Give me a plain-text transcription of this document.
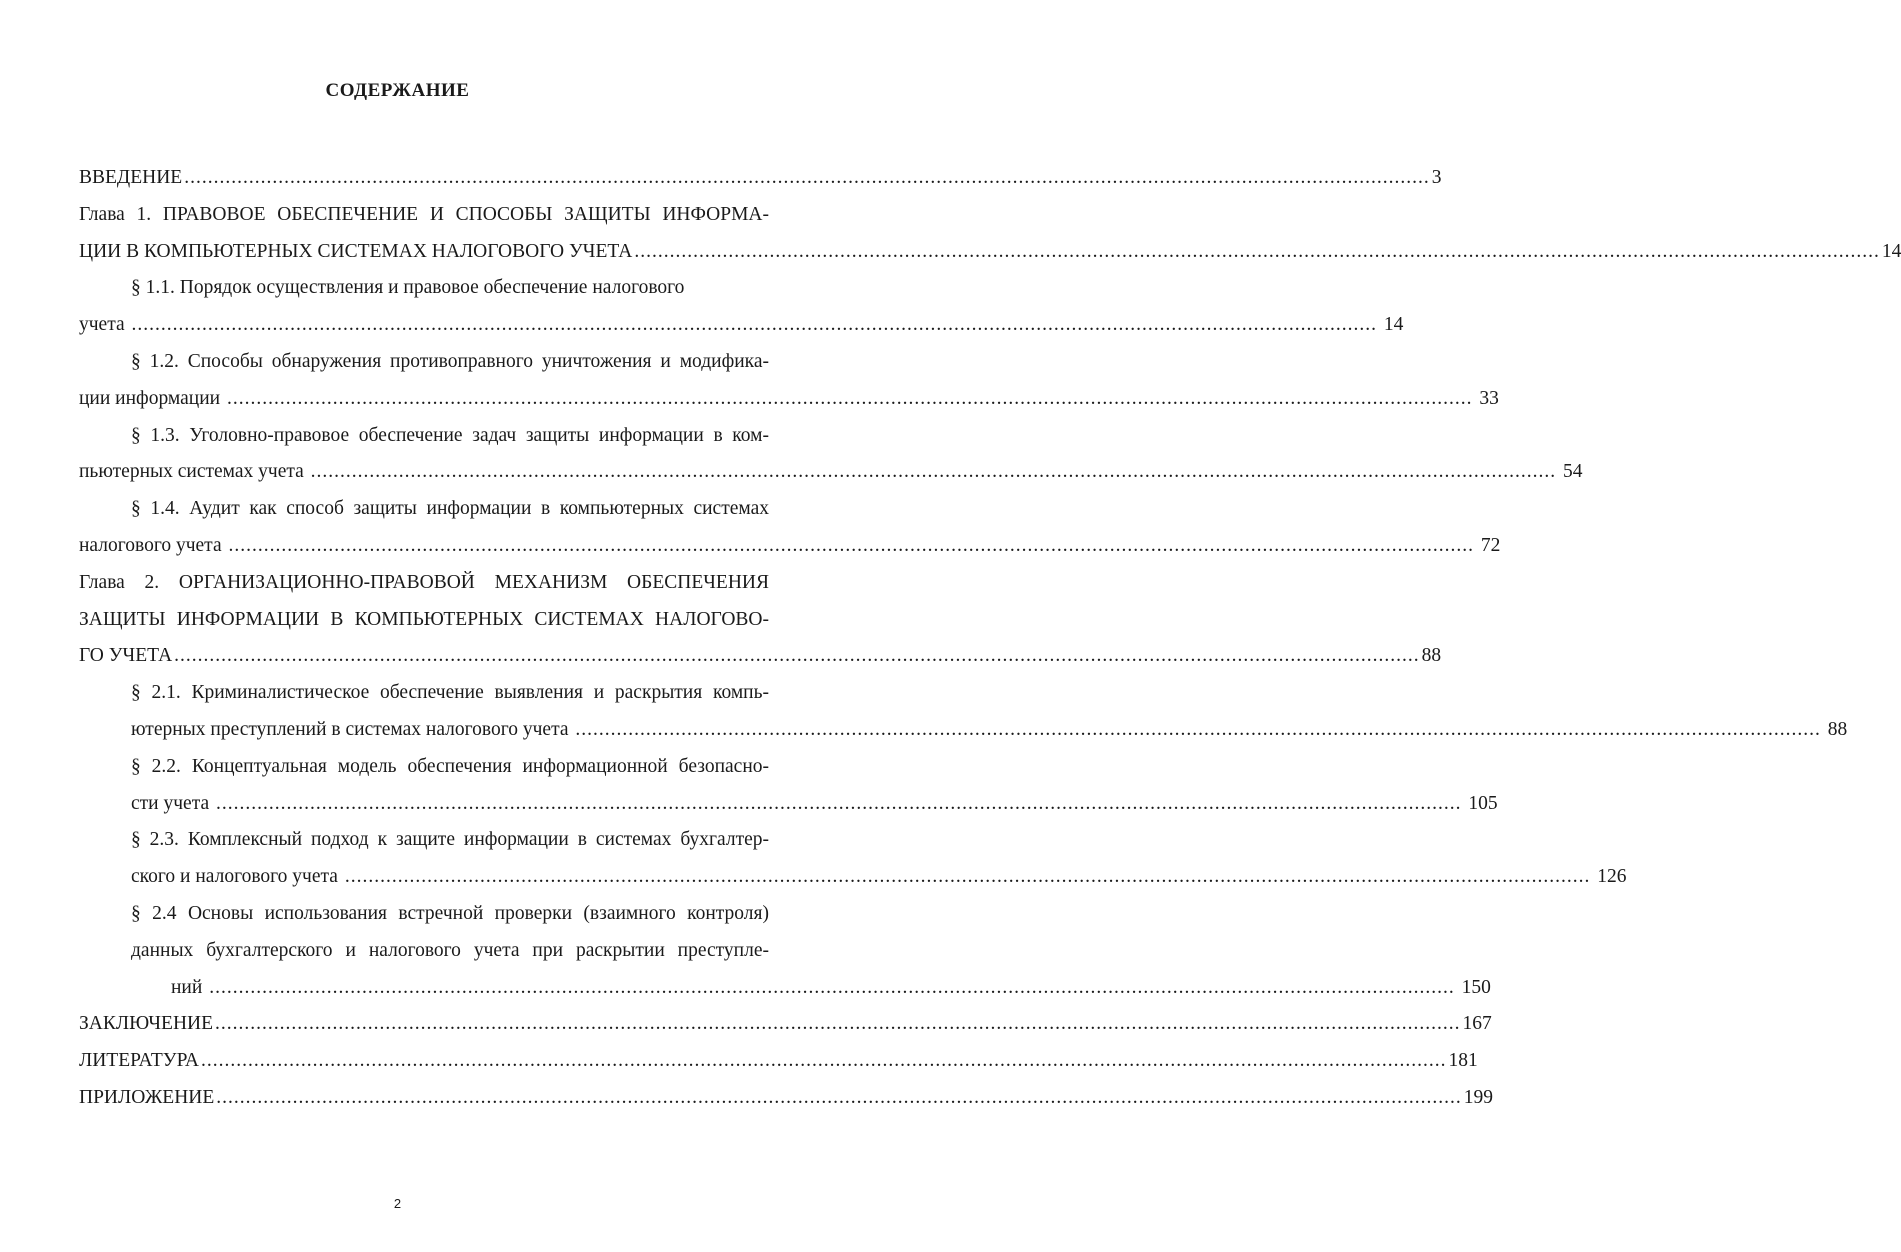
СОДЕРЖАНИЕ
ВВЕДЕНИЕ .....	3
Глава 1. ПРАВОВОЕ ОБЕСПЕЧЕНИЕ И СПОСОБЫ ЗАЩИТЫ ИНФОРМА-
ЦИИ В КОМПЬЮТЕРНЫХ СИСТЕМАХ НАЛОГОВОГО УЧЕТА .....	14
§ 1.1. Порядок осуществления и правовое обеспечение налогового
учета .....	14
§ 1.2. Способы обнаружения противоправного уничтожения и модифика-
ции информации .....	33
§ 1.3. Уголовно-правовое обеспечение задач защиты информации в ком-
пьютерных системах учета .....	54
§ 1.4. Аудит как способ защиты информации в компьютерных системах
налогового учета .....	72
Глава 2. ОРГАНИЗАЦИОННО-ПРАВОВОЙ МЕХАНИЗМ ОБЕСПЕЧЕНИЯ
ЗАЩИТЫ ИНФОРМАЦИИ В КОМПЬЮТЕРНЫХ СИСТЕМАХ НАЛОГОВО-
ГО УЧЕТА .....	88
§ 2.1. Криминалистическое обеспечение выявления и раскрытия компь-
ютерных преступлений в системах налогового учета .....	88
§ 2.2. Концептуальная модель обеспечения информационной безопасно-
сти учета .....	105
§ 2.3. Комплексный подход к защите информации в системах бухгалтер-
ского и налогового учета .....	126
§ 2.4 Основы использования встречной проверки (взаимного контроля)
данных бухгалтерского и налогового учета при раскрытии преступле-
ний .....	150
ЗАКЛЮЧЕНИЕ .....	167
ЛИТЕРАТУРА .....	181
ПРИЛОЖЕНИЕ .....	199
2
